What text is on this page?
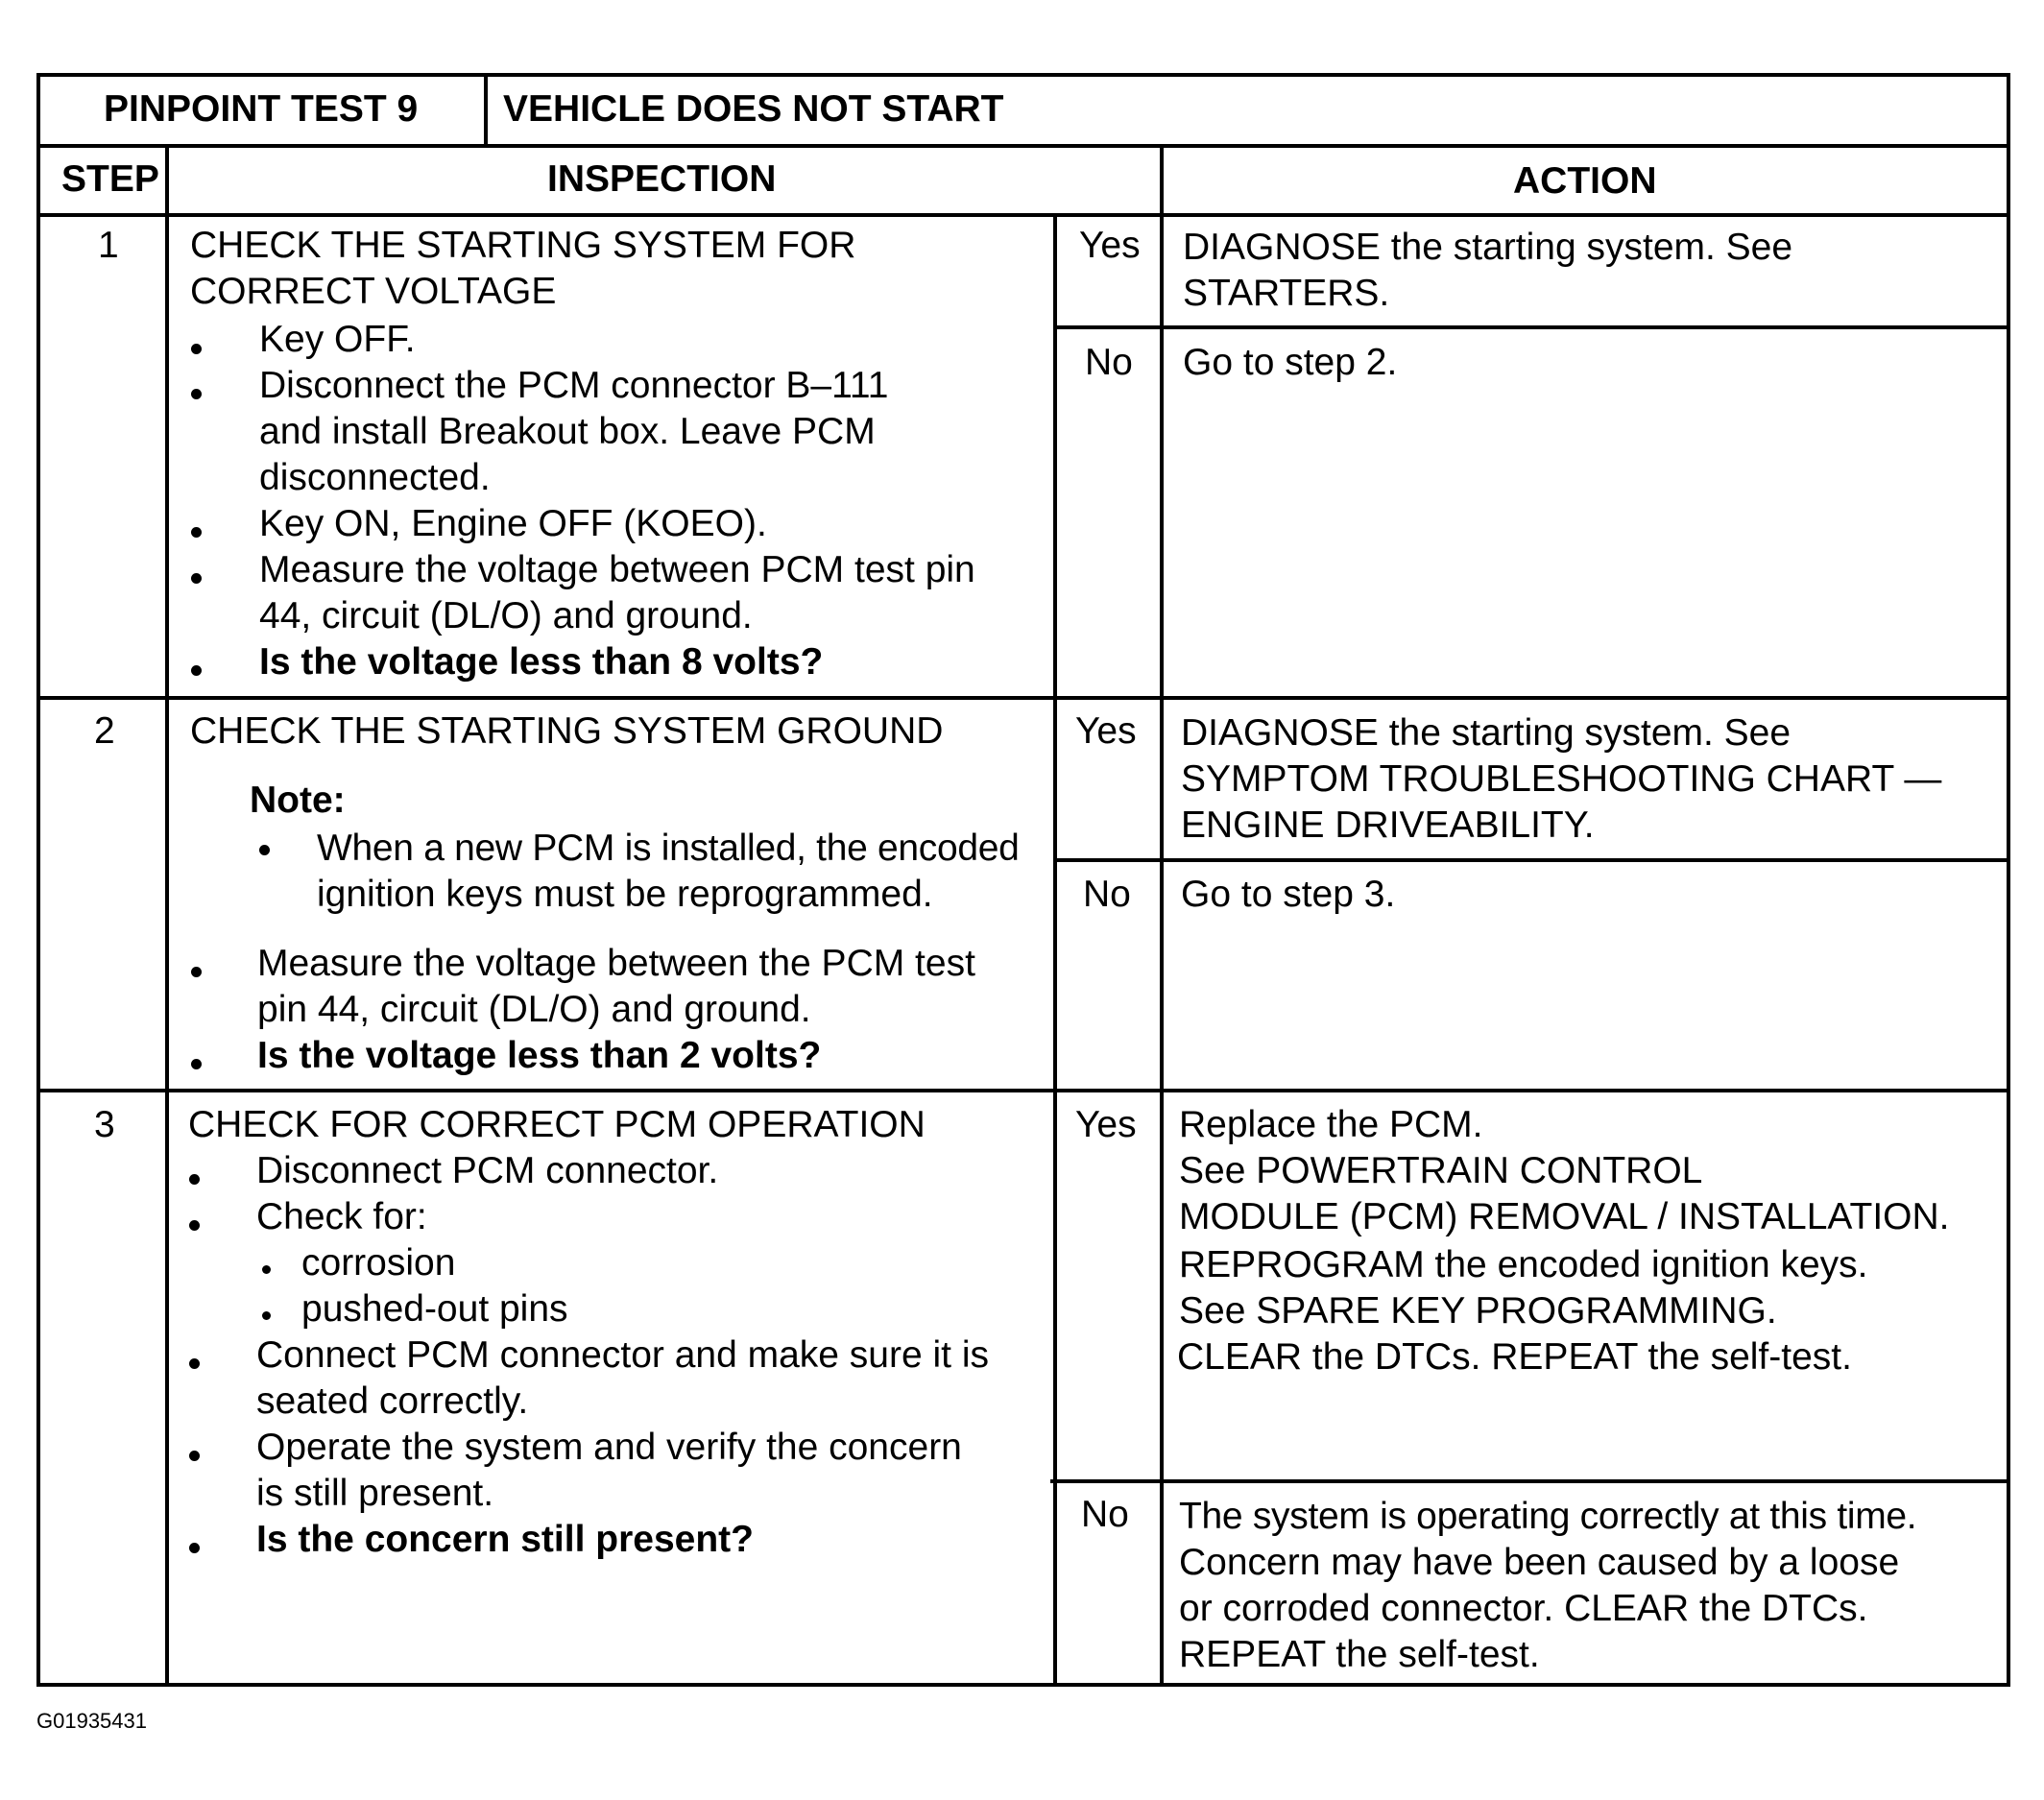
PINPOINT TEST 9 VEHICLE DOES NOT START
STEP	INSPECTION	ACTION
1 CHECK THE STARTING SYSTEM FOR
CORRECT VOLTAGE
Key OFF.
Disconnect the PCM connector B–111
and install Breakout box. Leave PCM
disconnected.
Key ON, Engine OFF (KOEO).
Measure the voltage between PCM test pin
44, circuit (DL/O) and ground.
Is the voltage less than 8 volts?
Yes DIAGNOSE the starting system. See
STARTERS.
No Go to step 2.
2 CHECK THE STARTING SYSTEM GROUND
Note:
When a new PCM is installed, the encoded
ignition keys must be reprogrammed.
Measure the voltage between the PCM test
pin 44, circuit (DL/O) and ground.
Is the voltage less than 2 volts?
Yes DIAGNOSE the starting system. See
SYMPTOM TROUBLESHOOTING CHART —
ENGINE DRIVEABILITY.
No Go to step 3.
3 CHECK FOR CORRECT PCM OPERATION
Disconnect PCM connector.
Check for:
corrosion
pushed-out pins
Connect PCM connector and make sure it is
seated correctly.
Operate the system and verify the concern
is still present.
Is the concern still present?
Yes Replace the PCM.
See POWERTRAIN CONTROL
MODULE (PCM) REMOVAL / INSTALLATION.
REPROGRAM the encoded ignition keys.
See SPARE KEY PROGRAMMING.
CLEAR the DTCs. REPEAT the self-test.
No The system is operating correctly at this time.
Concern may have been caused by a loose
or corroded connector. CLEAR the DTCs.
REPEAT the self-test.
G01935431
